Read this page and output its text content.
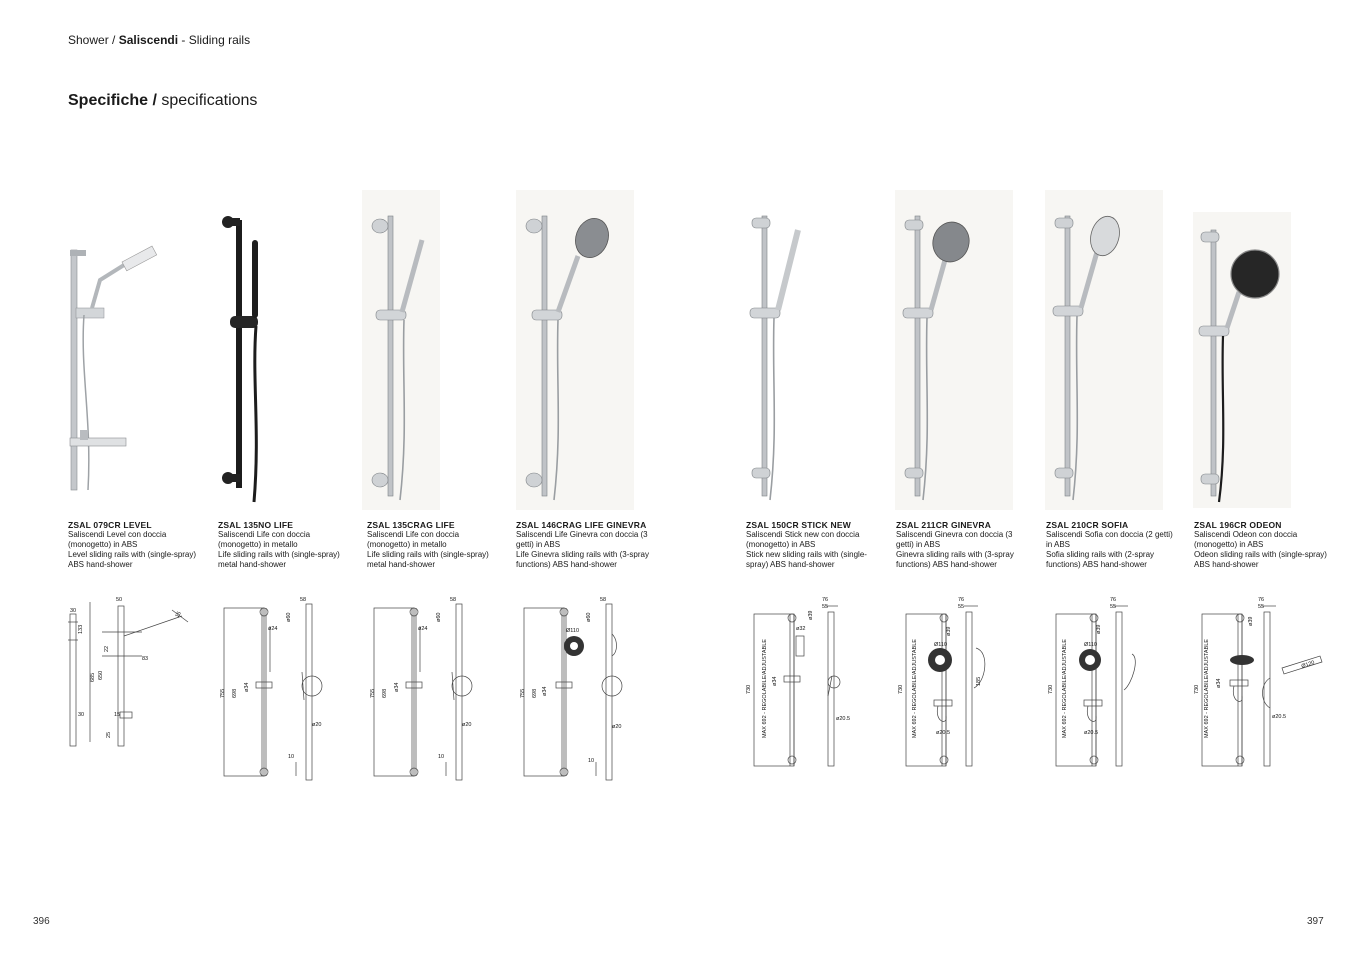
Shower / Saliscendi - Sliding rails
Specifiche / specifications
ZSAL 079CR LEVEL
Saliscendi Level con doccia (monogetto) in ABS
Level sliding rails with (single-spray) ABS hand-shower
ZSAL 135NO LIFE
Saliscendi Life con doccia (monogetto) in metallo
Life sliding rails with (single-spray) metal hand-shower
ZSAL 135CRAG LIFE
Saliscendi Life con doccia (monogetto) in metallo
Life sliding rails with (single-spray) metal hand-shower
ZSAL 146CRAG LIFE GINEVRA
Saliscendi Life Ginevra con doccia (3 getti) in ABS
Life Ginevra sliding rails with (3-spray functions) ABS hand-shower
ZSAL 150CR STICK NEW
Saliscendi Stick new con doccia (monogetto) in ABS
Stick new sliding rails with (single-spray) ABS hand-shower
ZSAL 211CR GINEVRA
Saliscendi Ginevra con doccia (3 getti) in ABS
Ginevra sliding rails with (3-spray functions) ABS hand-shower
ZSAL 210CR SOFIA
Saliscendi Sofia con doccia (2 getti) in ABS
Sofia sliding rails with (2-spray functions) ABS hand-shower
ZSAL 196CR ODEON
Saliscendi Odeon con doccia (monogetto) in ABS
Odeon sliding rails with (single-spray) ABS hand-shower
30
50
133
15
22
83
685 650
30	15
25
58
ø60
ø24
ø34
755 698
ø20
10
58
ø60
ø24
ø34
755 698
ø20
10
58
ø60
Ø110
ø34
755 698
ø20
10
76
55
730 MAX 692 - REGOLABILE/ADJUSTABLE
ø39
ø32
ø34
ø20.5
76
55
730 MAX 692 - REGOLABILE/ADJUSTABLE
ø39
Ø110
185
ø20.5
76
55
730 MAX 692 - REGOLABILE/ADJUSTABLE
ø39
Ø110
ø20.5
76
55
730 MAX 692 - REGOLABILE/ADJUSTABLE
ø39
ø34
Ø120
ø20.5
396	397
